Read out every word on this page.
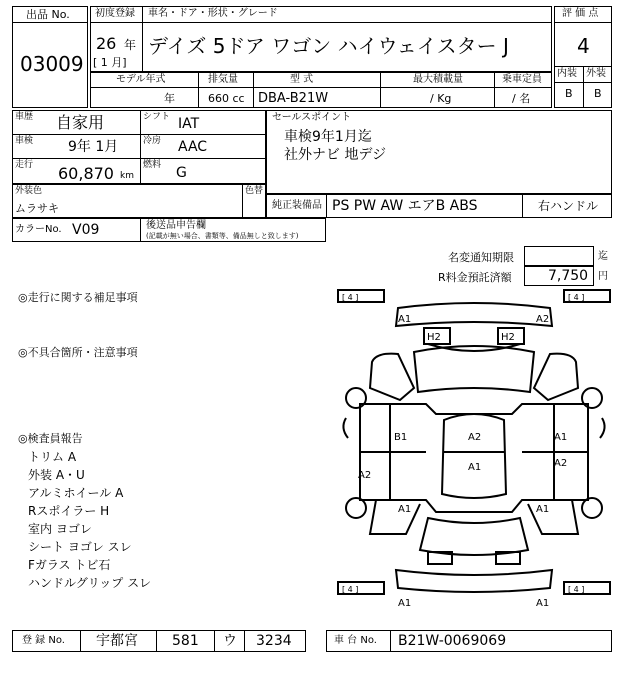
出品 No.
03009
初度登録 車名・ドア・形状・グレード
26 年
[ 1 月]
デイズ 5ドア ワゴン ハイウェイスター J
評 価 点
4
内装 外装
B B
モデル年式	排気量	型 式	最大積載量	乗車定員
年	660 cc DBA-B21W	/ Kg	/ 名
車歴 自家用
車検 9年 1月
走行 60,870 km
シフト IAT
冷房 AAC
燃料 G
セールスポイント
車検9年1月迄
社外ナビ 地デジ
外装色
ムラサキ
色替
純正装備品 PS PW AW エアB ABS	右ハンドル
カラーNo. V09	後送品申告欄
(記載が無い場合、書類等、備品無しと致します)
名変通知期限	迄
R料金預託済額	7,750 円
◎走行に関する補足事項
◎不具合箇所・注意事項
◎検査員報告
トリム A
外装 A・U
アルミホイール A
Rスポイラー H
室内 ヨゴレ
シート ヨゴレ スレ
Fガラス トビ石
ハンドルグリップ スレ
[ 4 ]	[ 4 ]
[ 4 ]	[ 4 ]
A1	A2
H2	H2
B1	A2	A1
A2
A1	A2
A1	A1
A1	A1
登 録 No. 宇都宮 581 ウ 3234	車 台 No. B21W-0069069
